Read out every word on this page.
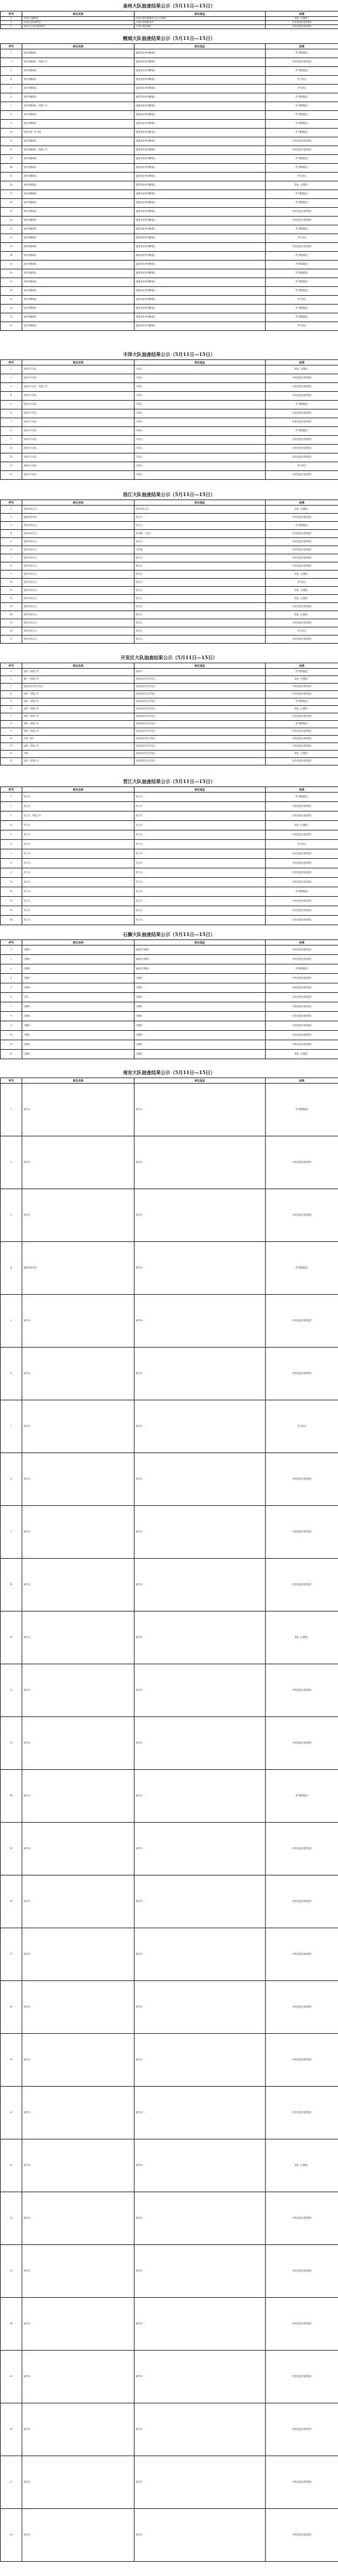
泉州大队抽查结果公示（5月11日—15日）
序号	单位名称	单位地址	结果
1	丰泽区启鑫饭店	丰泽区城东街道津头社区平新路...	其他（已整改）
2	丰泽区宝时商贸店	丰泽区华景街16号...	未发现违法违规情况
3	泉州市丰泽区校园超市	丰泽区城东街道...	未发现违法违规情况
鲤城大队抽查结果公示（5月11日—15日）
序号	单位名称	单位地址	结果
1	泉州市鲤城区...	福建省泉州市鲤城区...	责令限期改正
2	泉州市鲤城区...有限公司	福建省泉州市鲤城区...	未发现违法违规情况
3	泉州市鲤城区...	福建省泉州市鲤城区...	责令限期改正
4	泉州市鲤城区...	福建省泉州市鲤城区...	责令改正
5	泉州市鲤城区...	福建省泉州市鲤城区...	责令改正
6	泉州市鲤城区...	福建省泉州市鲤城区...	责令限期改正
7	泉州市鲤城区...有限公司	福建省泉州市鲤城区...	责令限期改正
8	泉州市鲤城区...	福建省泉州市鲤城区...	责令限期改正
9	泉州市鲤城区...	福建省泉州市鲤城区...	责令限期改正
10	泉州市第一幼儿园	福建省泉州市鲤城区...	责令限期改正
11	泉州市鲤城区...	福建省泉州市鲤城区...	未发现违法违规情况
12	泉州市鲤城区...有限公司	福建省泉州市鲤城区...	未发现违法违规情况
13	泉州市鲤城区...	福建省泉州市鲤城区...	责令限期改正
14	泉州市鲤城区...	福建省泉州市鲤城区...	责令限期改正
15	泉州市鲤城区...	福建省泉州市鲤城区...	责令改正
16	泉州市鲤城区...	福建省泉州市鲤城区...	其他（已整改）
17	泉州市鲤城区...	福建省泉州市鲤城区...	责令限期改正
18	泉州市鲤城区...	福建省泉州市鲤城区...	责令限期改正
19	泉州市鲤城区...	福建省泉州市鲤城区...	未发现违法违规情况
20	泉州市鲤城区...	福建省泉州市鲤城区...	未发现违法违规情况
21	泉州市鲤城区...	福建省泉州市鲤城区...	责令限期改正
22	泉州市鲤城区...	福建省泉州市鲤城区...	责令改正
23	泉州市鲤城区...	福建省泉州市鲤城区...	未发现违法违规情况
24	泉州市鲤城区...	福建省泉州市鲤城区...	责令限期改正
25	泉州市鲤城区...	福建省泉州市鲤城区...	责令限期改正
26	泉州市鲤城区...	福建省泉州市鲤城区...	责令限期改正
27	泉州市鲤城区...	福建省泉州市鲤城区...	责令限期改正
28	泉州市鲤城区...	福建省泉州市鲤城区...	责令限期改正
29	泉州市鲤城区...	福建省泉州市鲤城区...	责令改正
30	泉州市鲤城区...	福建省泉州市鲤城区...	责令限期改正
31	泉州市鲤城区...	福建省泉州市鲤城区...	责令限期改正
32	泉州市鲤城区...	福建省泉州市鲤城区...	责令改正
丰泽大队抽查结果公示（5月11日—15日）
序号	单位名称	单位地址	结果
1	泉州市丰泽区...	丰泽区...	其他（已整改）
2	泉州市丰泽区...	丰泽区...	未发现违法违规情况
3	泉州市丰泽区...有限公司	丰泽区...	未发现违法违规情况
4	泉州市丰泽区...	丰泽区...	未发现违法违规情况
5	泉州市丰泽区...	丰泽区...	责令限期改正
6	泉州市丰泽区...	丰泽区...	未发现违法违规情况
7	泉州市丰泽区...	丰泽区...	未发现违法违规情况
8	泉州市丰泽区...	丰泽区...	责令限期改正
9	泉州市丰泽区...	丰泽区...	未发现违法违规情况
10	泉州市丰泽区...	丰泽区...	未发现违法违规情况
11	泉州市丰泽区...	丰泽区...	未发现违法违规情况
12	泉州市丰泽区...	丰泽区...	责令改正
13	泉州市丰泽区...	丰泽区...	未发现违法违规情况
洛江大队抽查结果公示（5月11日—15日）
序号	单位名称	单位地址	结果
1	泉州市洛江区...	泉州市洛江区...	其他（已整改）
2	福建省泉州市...	洛江区...	未发现违法违规情况
3	泉州市洛江区...	洛江区...	责令限期改正
4	泉州市洛江区...	河市镇...工业区	未发现违法违规情况
5	泉州市洛江区...	洛江区...	未发现违法违规情况
6	泉州市洛江区...	马甲镇...	未发现违法违规情况
7	泉州市洛江区...	洛江区...	未发现违法违规情况
8	泉州市洛江区...	洛江区...	未发现违法违规情况
9	泉州市洛江区...	洛江区...	其他（已整改）
10	泉州市洛江区...	洛江区...	责令改正
11	泉州市洛江区...	洛江区...	其他（已整改）
12	泉州市洛江区...	洛江区...	其他（已整改）
13	泉州市洛江区...	洛江区...	未发现违法违规情况
14	泉州市洛江区...	洛江区...	其他（已整改）
15	泉州市洛江区...	洛江区...	未发现违法违规情况
16	泉州市洛江区...	洛江区...	责令改正
17	泉州市洛江区...	洛江区...	未发现违法违规情况
开发区大队抽查结果公示（5月11日—15日）
序号	单位名称	单位地址	结果
1	泉州...有限公司	泉州市...	责令限期改正
2	厦门...有限公司	泉州经济技术开发区...	其他（已整改）
3	泉州经济技术开发区...	泉州经济技术开发区...	未发现违法违规情况
4	泉州...有限公司	泉州经济技术开发区...	未发现违法违规情况
5	泉州...有限公司	泉州经济技术开发区...	责令限期改正
6	泉州...有限公司	泉州经济技术开发区...	其他（已整改）
7	泉州...有限公司	泉州经济技术开发区...	未发现违法违规情况
8	泉州...有限公司	泉州经济技术开发区...	责令限期改正
9	泉州...有限公司	泉州经济技术开发区...	未发现违法违规情况
10	中国...银行	泉州经济技术开发区...	未发现违法违规情况
11	泉州...有限公司	泉州经济技术开发区...	未发现违法违规情况
12	中国...	泉州经济技术开发区...	其他（已整改）
13	泉州...有限公司	泉州经济技术开发区...	未发现违法违规情况
晋江大队抽查结果公示（5月11日—15日）
序号	单位名称	单位地址	结果
1	晋江市...	晋江市...	责令限期改正
2	晋江市...	晋江市...	未发现违法违规情况
3	晋江市...有限公司	晋江市...	未发现违法违规情况
4	晋江市...	晋江市...	其他（已整改）
5	晋江市...	晋江市...	未发现违法违规情况
6	晋江市...	晋江市...	责令改正
7	晋江市...	晋江市...	未发现违法违规情况
8	晋江市...	晋江市...	未发现违法违规情况
9	晋江市...	晋江市...	未发现违法违规情况
10	晋江市...	晋江市...	未发现违法违规情况
11	晋江市...	晋江市...	责令限期改正
12	晋江市...	晋江市...	未发现违法违规情况
13	晋江市...	晋江市...	未发现违法违规情况
14	晋江市...	晋江市...	未发现违法违规情况
石狮大队抽查结果公示（5月11日—15日）
序号	单位名称	单位地址	结果
1	石狮市...	福建省石狮市...	未发现违法违规情况
2	石狮市...	福建省石狮市...	未发现违法违规情况
3	石狮市...	福建省石狮市...	责令限期改正
4	石狮市...	石狮市...	未发现违法违规情况
5	石狮市...	石狮市...	未发现违法违规情况
6	中国...	石狮市...	未发现违法违规情况
7	石狮市...	石狮市...	未发现违法违规情况
8	石狮市...	石狮市...	未发现违法违规情况
9	石狮市...	石狮市...	未发现违法违规情况
10	石狮市...	石狮市...	未发现违法违规情况
11	石狮市...	石狮市...	未发现违法违规情况
12	石狮市...	石狮市...	其他（已整改）
南安大队抽查结果公示（5月11日—15日）
序号	单位名称	单位地址	结果
1	南安市...	南安市...	责令限期改正
2	南安市...	南安市...	未发现违法违规情况
3	南安市...	南安市...	未发现违法违规情况
4	福建省南安市...	南安市...	责令限期改正
5	南安市...	南安市...	未发现违法违规情况
6	南安市...	南安市...	未发现违法违规情况
7	南安市...	南安市...	责令改正
8	南安市...	南安市...	未发现违法违规情况
9	南安市...	南安市...	未发现违法违规情况
10	南安市...	南安市...	未发现违法违规情况
11	南安市...	南安市...	其他（已整改）
12	南安市...	南安市...	未发现违法违规情况
13	南安市...	南安市...	未发现违法违规情况
14	南安市...	南安市...	责令限期改正
15	南安市...	南安市...	未发现违法违规情况
16	南安市...	南安市...	未发现违法违规情况
17	南安市...	南安市...	未发现违法违规情况
18	南安市...	南安市...	未发现违法违规情况
19	南安市...	南安市...	未发现违法违规情况
20	南安市...	南安市...	未发现违法违规情况
21	南安市...	南安市...	其他（已整改）
22	南安市...	南安市...	未发现违法违规情况
23	南安市...	南安市...	未发现违法违规情况
24	南安市...	南安市...	未发现违法违规情况
25	南安市...	南安市...	未发现违法违规情况
26	南安市...	南安市...	未发现违法违规情况
27	南安市...	南安市...	未发现违法违规情况
28	南安市...	南安市...	未发现违法违规情况
